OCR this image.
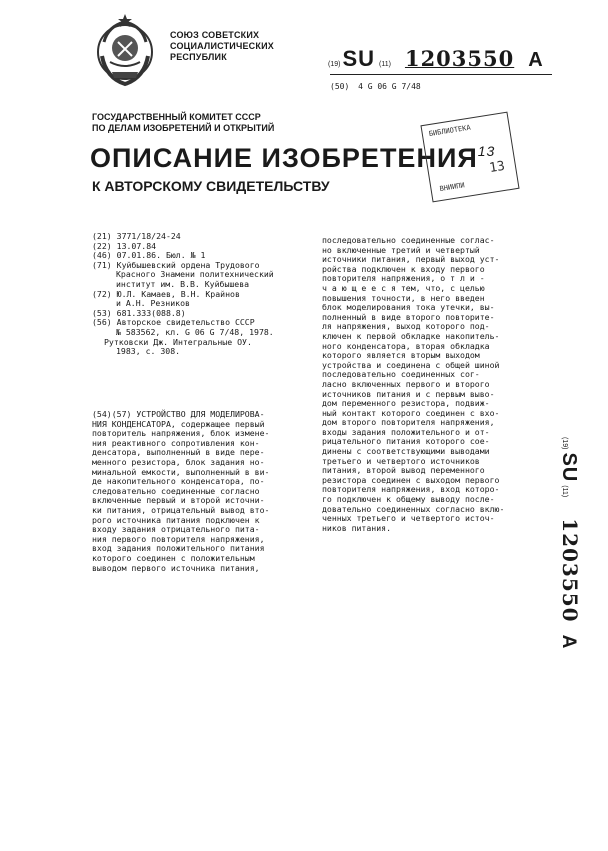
СОЮЗ СОВЕТСКИХ
СОЦИАЛИСТИЧЕСКИХ
РЕСПУБЛИК
(19) SU (11) 1203550 A
(50) 4 G 06 G 7/48
ГОСУДАРСТВЕННЫЙ КОМИТЕТ СССР
ПО ДЕЛАМ ИЗОБРЕТЕНИЙ И ОТКРЫТИЙ
ОПИСАНИЕ ИЗОБРЕТЕНИЯ$^{13}$
К АВТОРСКОМУ СВИДЕТЕЛЬСТВУ
БИБЛИОТЕКА
13
ВНИИПИ
(21) 3771/18/24-24
(22) 13.07.84
(46) 07.01.86. Бюл. № 1
(71) Куйбышевский ордена Трудового
Красного Знамени политехнический
институт им. В.В. Куйбышева
(72) Ю.Л. Камаев, В.Н. Крайнов
и А.Н. Резников
(53) 681.333(088.8)
(56) Авторское свидетельство СССР
№ 583562, кл. G 06 G 7/48, 1978.
Рутковски Дж. Интегральные ОУ.
1983, с. 308.
(54)(57) УСТРОЙСТВО ДЛЯ МОДЕЛИРОВА-
НИЯ КОНДЕНСАТОРА, содержащее первый
повторитель напряжения, блок измене-
ния реактивного сопротивления кон-
денсатора, выполненный в виде пере-
менного резистора, блок задания но-
минальной емкости, выполненный в ви-
де накопительного конденсатора, по-
следовательно соединенные согласно
включенные первый и второй источни-
ки питания, отрицательный вывод вто-
рого источника питания подключен к
входу задания отрицательного питa-
ния первого повторителя напряжения,
вход задания положительного питания
которого соединен с положительным
выводом первого источника питания,
последовательно соединенные соглас-
но включенные третий и четвертый
источники питания, первый выход уст-
ройства подключен к входу первого
повторителя напряжения, о т л и -
ч а ю щ е е с я тем, что, с целью
повышения точности, в него введен
блок моделирования тока утечки, вы-
полненный в виде второго повторите-
ля напряжения, выход которого под-
ключен к первой обкладке накопитель-
ного конденсатора, вторая обкладка
которого является вторым выходом
устройства и соединена с общей шиной
последовательно соединенных сог-
ласно включенных первого и второго
источников питания и с первым выво-
дом переменного резистора, подвиж-
ный контакт которого соединен с вхо-
дом второго повторителя напряжения,
входы задания положительного и от-
рицательного питания которого сое-
динены с соответствующими выводами
третьего и четвертого источников
питания, второй вывод переменного
резистора соединен с выходом первого
повторителя напряжения, вход которо-
го подключен к общему выводу после-
довательно соединенных согласно вклю-
ченных третьего и четвертого источ-
ников питания.
(19)
SU
(11)
1203550
A
